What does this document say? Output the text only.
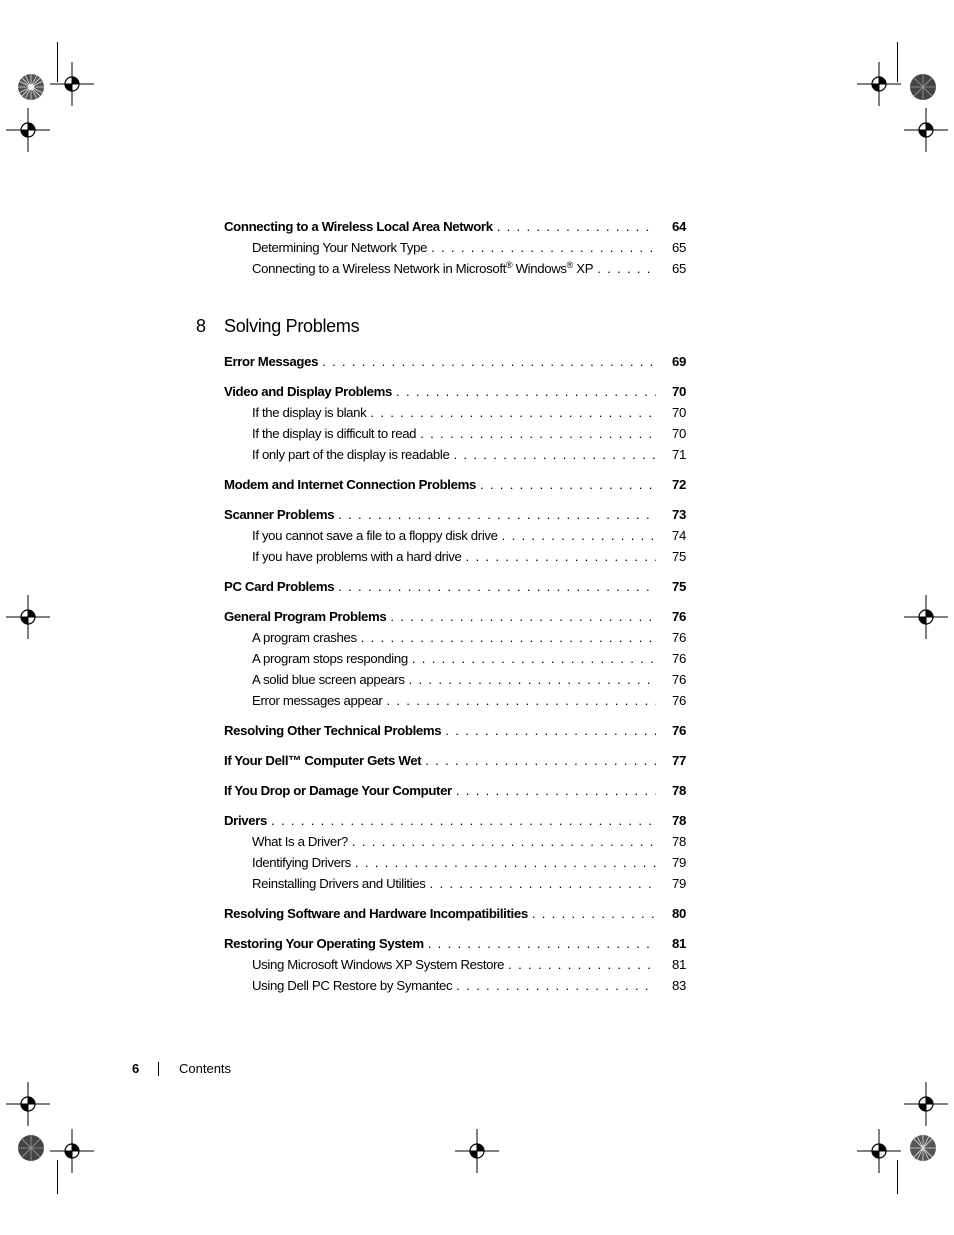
Connecting to a Wireless Local Area Network . . .	64
Determining Your Network Type . . .	65
Connecting to a Wireless Network in Microsoft® Windows® XP . . .	65
Error Messages . . .	69
Video and Display Problems . . .	70
If the display is blank . . .	70
If the display is difficult to read . . .	70
If only part of the display is readable . . .	71
Modem and Internet Connection Problems . . .	72
Scanner Problems . . .	73
If you cannot save a file to a floppy disk drive . . .	74
If you have problems with a hard drive . . .	75
PC Card Problems . . .	75
General Program Problems . . .	76
A program crashes . . .	76
A program stops responding . . .	76
A solid blue screen appears . . .	76
Error messages appear . . .	76
Resolving Other Technical Problems . . .	76
If Your Dell™ Computer Gets Wet . . .	77
If You Drop or Damage Your Computer . . .	78
Drivers . . .	78
What Is a Driver? . . .	78
Identifying Drivers . . .	79
Reinstalling Drivers and Utilities . . .	79
Resolving Software and Hardware Incompatibilities . . .	80
Restoring Your Operating System . . .	81
Using Microsoft Windows XP System Restore . . .	81
Using Dell PC Restore by Symantec . . .	83
8	Solving Problems
6	Contents
